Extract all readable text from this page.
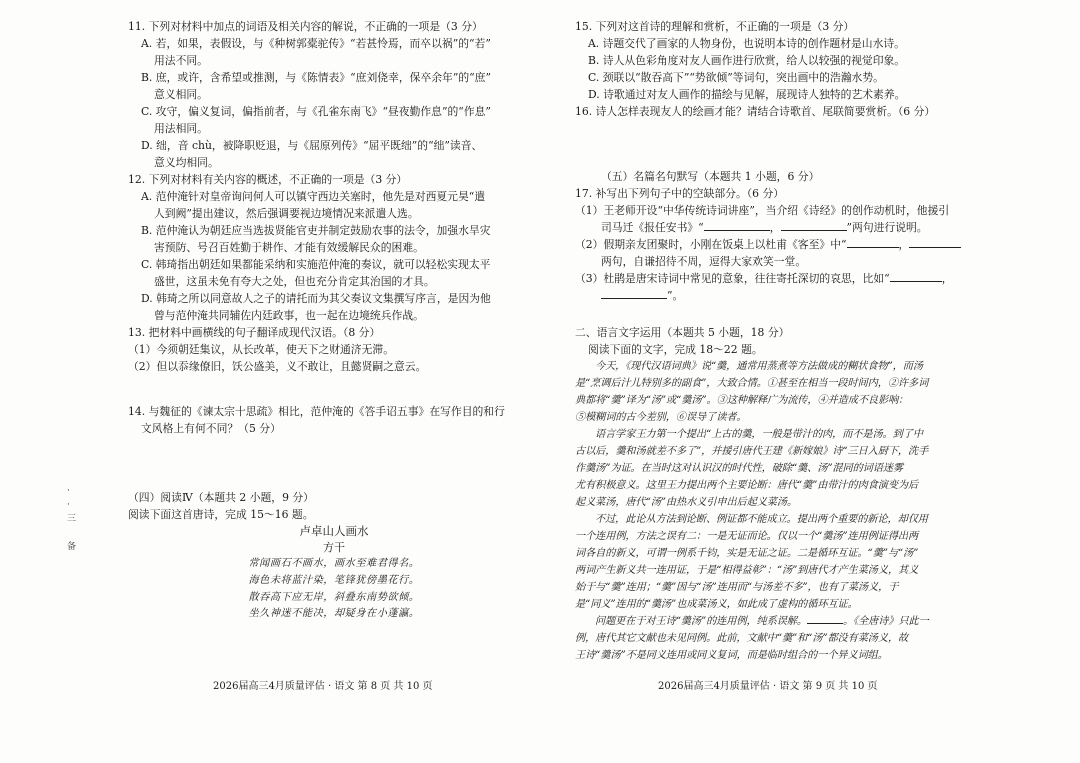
·
·
三
备
11. 下列对材料中加点的词语及相关内容的解说，不正确的一项是（3 分）
A. 若，如果，表假设，与《种树郭橐驼传》“若甚怜焉，而卒以祸”的“若”
用法不同。
B. 庶，或许，含希望或推测，与《陈情表》“庶刘侥幸，保卒余年”的“庶”
意义相同。
C. 攻守，偏义复词，偏指前者，与《孔雀东南飞》“昼夜勤作息”的“作息”
用法相同。
D. 绌，音 chù，被降职贬退，与《屈原列传》“屈平既绌”的“绌”读音、
意义均相同。
12. 下列对材料有关内容的概述，不正确的一项是（3 分）
A. 范仲淹针对皇帝询问何人可以镇守西边关塞时，他先是对西夏元昊“遣
人到阙”提出建议，然后强调要视边境情况来派遣人选。
B. 范仲淹认为朝廷应当选拔贤能官吏并制定鼓励农事的法令，加强水旱灾
害预防、号召百姓勤于耕作、才能有效缓解民众的困难。
C. 韩琦指出朝廷如果都能采纳和实施范仲淹的奏议，就可以轻松实现太平
盛世，这虽未免有夸大之处，但也充分肯定其治国的才具。
D. 韩琦之所以同意故人之子的请托而为其父奏议文集撰写序言，是因为他
曾与范仲淹共同辅佐内廷政事，也一起在边境统兵作战。
13. 把材料中画横线的句子翻译成现代汉语。（8 分）
（1）今须朝廷集议，从长改革，使天下之财通济无滞。
（2）但以忝缘僚旧，饫公盛美，义不敢让，且懿贤嗣之意云。
14. 与魏征的《谏太宗十思疏》相比，范仲淹的《答手诏五事》在写作目的和行
文风格上有何不同？（5 分）
（四）阅读Ⅳ（本题共 2 小题，9 分）
阅读下面这首唐诗，完成 15～16 题。
卢卓山人画水
方干
常闻画石不画水，画水至难君得名。
海色未将蓝汁染，笔锋犹傍墨花行。
散吞高下应无岸，斜叠东南势欲倾。
坐久神迷不能决，却疑身在小蓬瀛。
2026届高三4月质量评估 · 语文 第 8 页 共 10 页
15. 下列对这首诗的理解和赏析，不正确的一项是（3 分）
A. 诗题交代了画家的人物身份，也说明本诗的创作题材是山水诗。
B. 诗人从色彩角度对友人画作进行欣赏，给人以较强的视觉印象。
C. 颈联以“散吞高下”“势欲倾”等词句，突出画中的浩瀚水势。
D. 诗歌通过对友人画作的描绘与见解，展现诗人独特的艺术素养。
16. 诗人怎样表现友人的绘画才能？请结合诗歌首、尾联简要赏析。（6 分）
（五）名篇名句默写（本题共 1 小题，6 分）
17. 补写出下列句子中的空缺部分。（6 分）
（1）王老师开设“中华传统诗词讲座”，当介绍《诗经》的创作动机时，他援引
司马迁《报任安书》“	，	”两句进行说明。
（2）假期亲友团聚时，小刚在饭桌上以杜甫《客至》中“	，
两句，自谦招待不周，逗得大家欢笑一堂。
（3）杜鹃是唐宋诗词中常见的意象，往往寄托深切的哀思，比如“	，
”。
二、语言文字运用（本题共 5 小题，18 分）
阅读下面的文字，完成 18～22 题。
今天，《现代汉语词典》说“羹，通常用蒸煮等方法做成的糊状食物”，而汤
是“烹调后汁儿特别多的副食”，大致合情。①甚至在相当一段时间内，②许多词
典都将“羹”译为“汤”或“羹汤”。③这种解释广为流传，④并造成不良影响：
⑤模糊词的古今差别，⑥误导了读者。
语言学家王力第一个提出“上古的羹，一般是带汁的肉，而不是汤。到了中
古以后，羹和汤就差不多了”，并援引唐代王建《新嫁娘》诗“三日入厨下，洗手
作羹汤”为证。在当时这对认识汉的时代性，破除“羹、汤”混同的词语迷雾
尤有积极意义。这里王力提出两个主要论断：唐代“羹”由带汁的肉食演变为后
起义菜汤，唐代“汤”由热水义引申出后起义菜汤。
不过，此论从方法到论断、例证都不能成立。提出两个重要的新论，却仅用
一个连用例，方法之误有二：一是无证而论。仅以一个“羹汤”连用例证得出两
词各自的新义，可谓一例系千钧，实是无证之证。二是循环互证。“羹”与“汤”
两词产生新义共一连用证，于是“相得益彰”：“汤”到唐代才产生菜汤义，其义
始于与“羹”连用；“羹”因与“汤”连用而“与汤差不多”，也有了菜汤义，于
是“同义”连用的“羹汤”也成菜汤义，如此成了虚构的循环互证。
问题更在于对王诗“羹汤”的连用例，纯系误解。	。《全唐诗》只此一
例，唐代其它文献也未见同例。此前，文献中“羹”和“汤”都没有菜汤义，故
王诗“羹汤”不是同义连用或同义复词，而是临时组合的一个异义词组。
2026届高三4月质量评估 · 语文 第 9 页 共 10 页
